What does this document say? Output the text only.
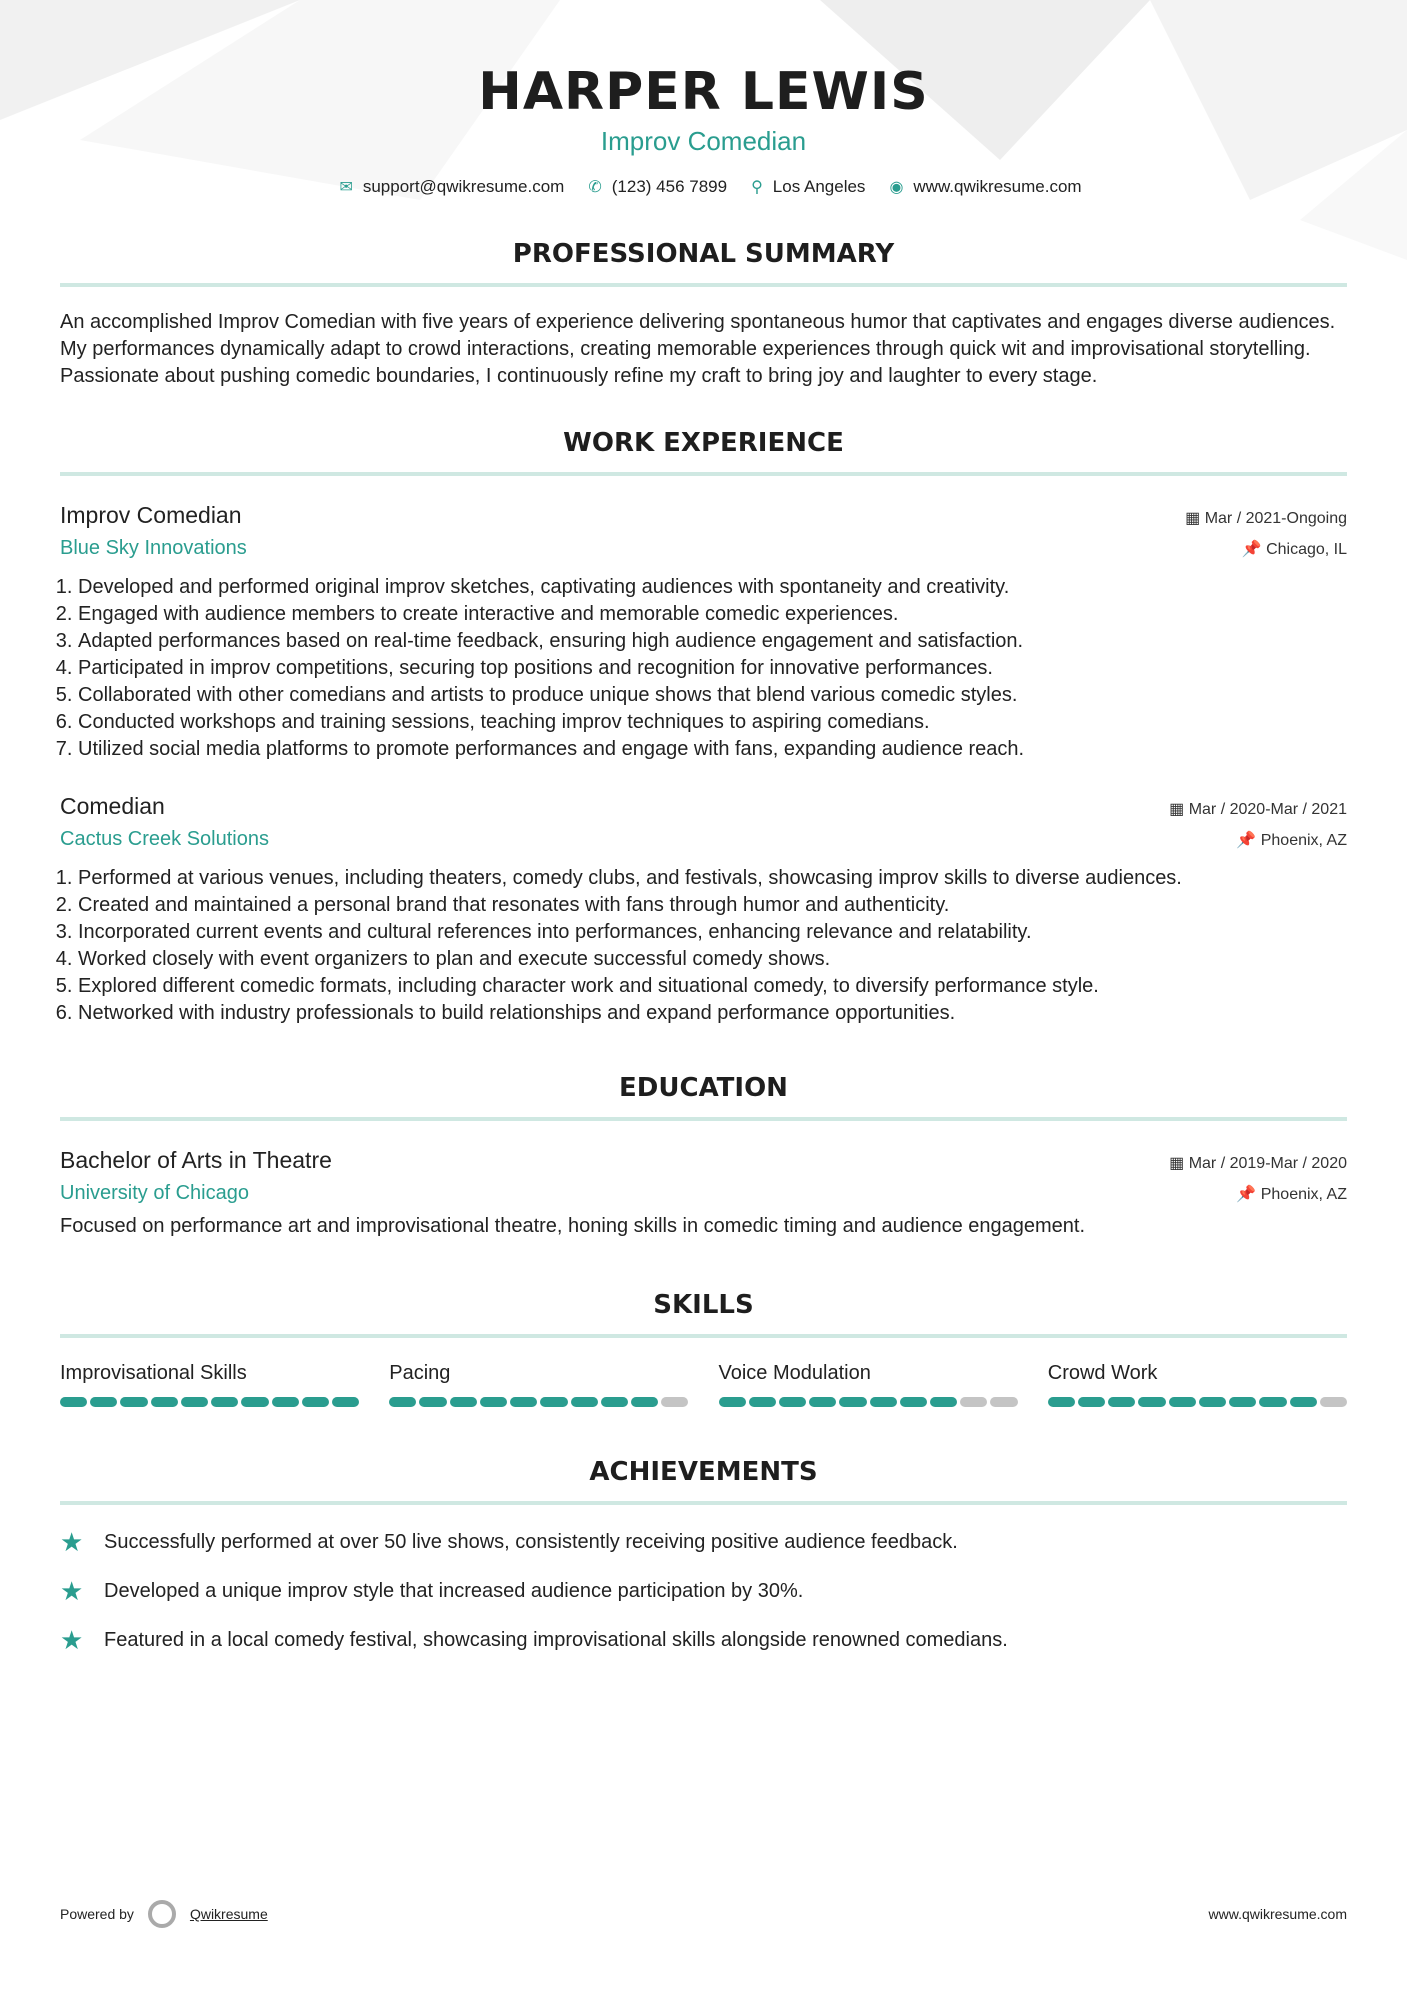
HARPER LEWIS
Improv Comedian
✉ support@qwikresume.com ✆ (123) 456 7899 ⚲ Los Angeles ◉ www.qwikresume.com
PROFESSIONAL SUMMARY
An accomplished Improv Comedian with five years of experience delivering spontaneous humor that captivates and engages diverse audiences. My performances dynamically adapt to crowd interactions, creating memorable experiences through quick wit and improvisational storytelling. Passionate about pushing comedic boundaries, I continuously refine my craft to bring joy and laughter to every stage.
WORK EXPERIENCE
Improv Comedian	▦ Mar / 2021-Ongoing
Blue Sky Innovations	📌 Chicago, IL
1. Developed and performed original improv sketches, captivating audiences with spontaneity and creativity.
2. Engaged with audience members to create interactive and memorable comedic experiences.
3. Adapted performances based on real-time feedback, ensuring high audience engagement and satisfaction.
4. Participated in improv competitions, securing top positions and recognition for innovative performances.
5. Collaborated with other comedians and artists to produce unique shows that blend various comedic styles.
6. Conducted workshops and training sessions, teaching improv techniques to aspiring comedians.
7. Utilized social media platforms to promote performances and engage with fans, expanding audience reach.
Comedian	▦ Mar / 2020-Mar / 2021
Cactus Creek Solutions	📌 Phoenix, AZ
1. Performed at various venues, including theaters, comedy clubs, and festivals, showcasing improv skills to diverse audiences.
2. Created and maintained a personal brand that resonates with fans through humor and authenticity.
3. Incorporated current events and cultural references into performances, enhancing relevance and relatability.
4. Worked closely with event organizers to plan and execute successful comedy shows.
5. Explored different comedic formats, including character work and situational comedy, to diversify performance style.
6. Networked with industry professionals to build relationships and expand performance opportunities.
EDUCATION
Bachelor of Arts in Theatre	▦ Mar / 2019-Mar / 2020
University of Chicago	📌 Phoenix, AZ
Focused on performance art and improvisational theatre, honing skills in comedic timing and audience engagement.
SKILLS
Improvisational Skills	Pacing	Voice Modulation	Crowd Work
ACHIEVEMENTS
★	Successfully performed at over 50 live shows, consistently receiving positive audience feedback.
★	Developed a unique improv style that increased audience participation by 30%.
★	Featured in a local comedy festival, showcasing improvisational skills alongside renowned comedians.
Powered by	Qwikresume	www.qwikresume.com
